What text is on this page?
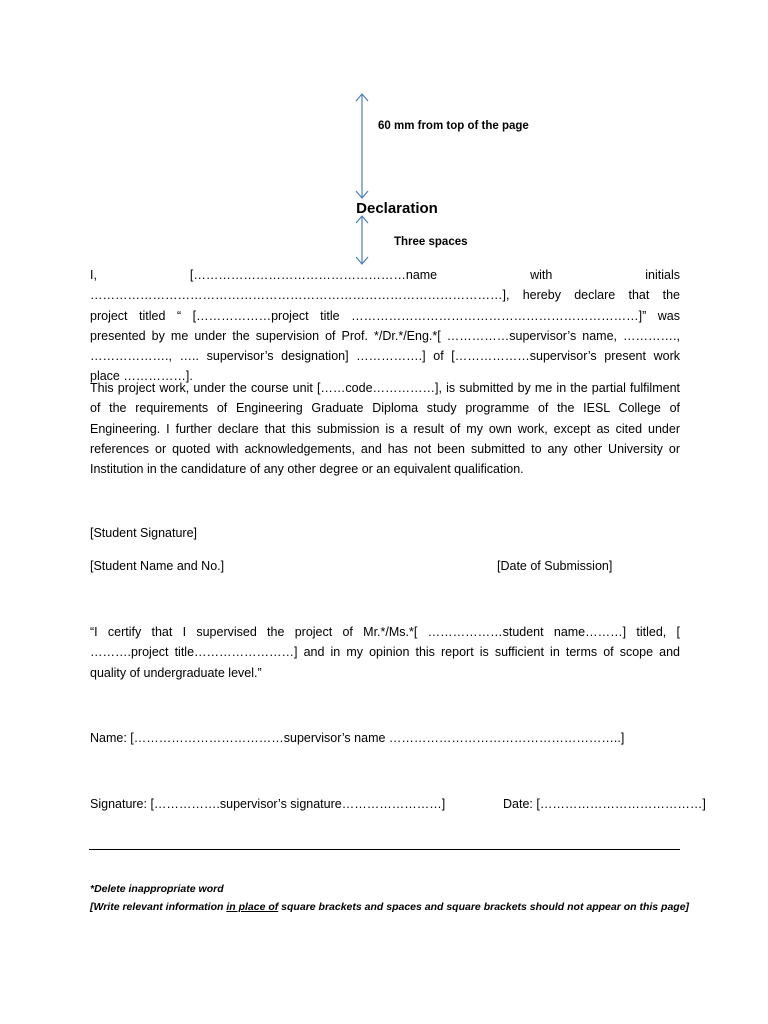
60 mm from top of the page
Declaration
Three spaces
I, [……………………………………………name with initials ………………………………………………………………………………………], hereby declare that the project titled “ [………………project title ……………………………………………………………]” was presented by me under the supervision of Prof. */Dr.*/Eng.*[ ……………supervisor’s name, …………., ………………., ….. supervisor’s designation] …………….] of [………………supervisor’s present work place ……………].
This project work, under the course unit [……code……………], is submitted by me in the partial fulfilment of the requirements of Engineering Graduate Diploma study programme of the IESL College of Engineering. I further declare that this submission is a result of my own work, except as cited under references or quoted with acknowledgements, and has not been submitted to any other University or Institution in the candidature of any other degree or an equivalent qualification.
[Student Signature]
[Student Name and No.]	[Date of Submission]
“I certify that I supervised the project of Mr.*/Ms.*[ ………………student name………] titled, [ ……….project title……………………] and in my opinion this report is sufficient in terms of scope and quality of undergraduate level.”
Name: [………………………………supervisor’s name ………………………………………………..]
Signature: […………….supervisor’s signature……………………]	Date: […………………………………]
*Delete inappropriate word
[Write relevant information in place of square brackets and spaces and square brackets should not appear on this page]
